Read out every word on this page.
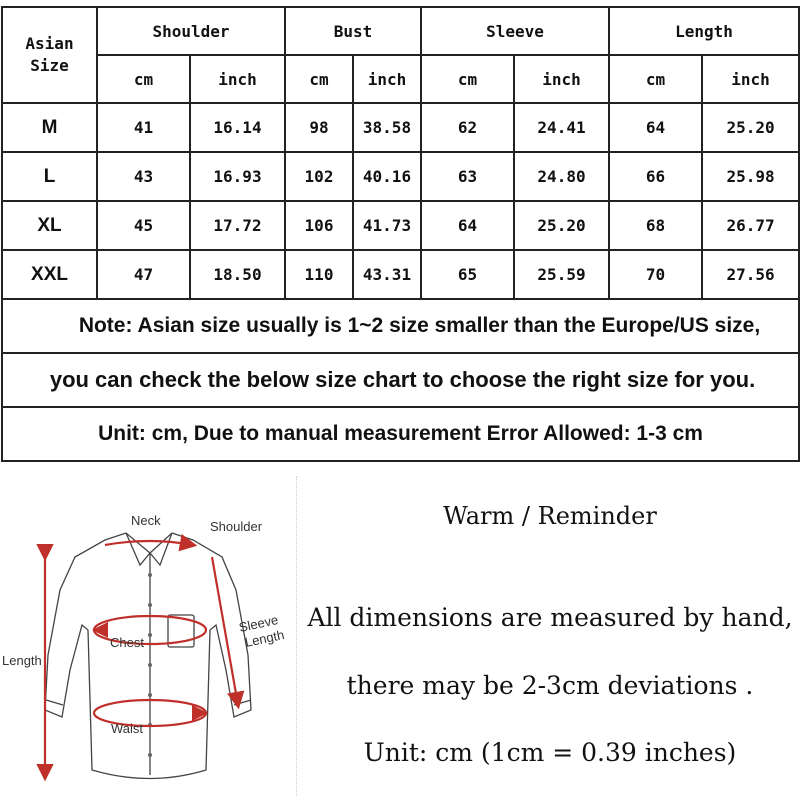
Asian
Size	Shoulder		Bust		Sleeve		Length	
	cm	inch	cm	inch	cm	inch	cm	inch
M	41	16.14	98	38.58	62	24.41	64	25.20
L	43	16.93	102	40.16	63	24.80	66	25.98
XL	45	17.72	106	41.73	64	25.20	68	26.77
XXL	47	18.50	110	43.31	65	25.59	70	27.56
Note: Asian size usually is 1~2 size smaller than the Europe/US size,								
you can check the below size chart to choose the right size for you.								
Unit: cm, Due to manual measurement Error Allowed: 1-3 cm								
Neck	Shoulder
Chest
Waist
Length
Sleeve
Length
Warm / Reminder
All dimensions are measured by hand,
there may be 2-3cm deviations .
Unit: cm (1cm = 0.39 inches)
